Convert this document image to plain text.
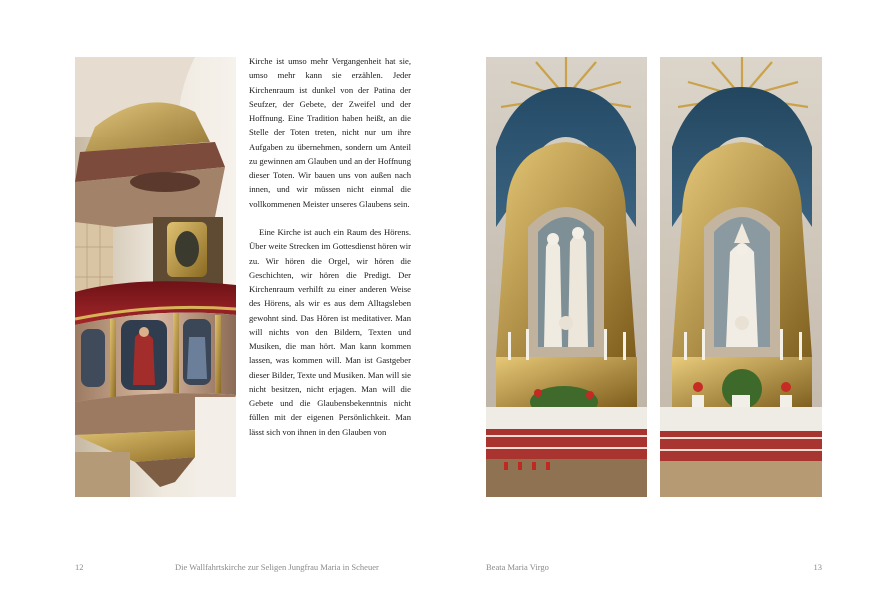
Kirche ist umso mehr Vergangenheit hat sie, umso mehr kann sie erzählen. Jeder Kirchenraum ist dunkel von der Patina der Seufzer, der Gebete, der Zweifel und der Hoffnung. Eine Tradition haben heißt, an die Stelle der Toten treten, nicht nur um ihre Aufgaben zu übernehmen, sondern um Anteil zu gewinnen am Glauben und an der Hoffnung dieser Toten. Wir bauen uns von außen nach innen, und wir müssen nicht einmal die vollkommenen Meister unseres Glaubens sein.

Eine Kirche ist auch ein Raum des Hörens. Über weite Strecken im Gottesdienst hören wir zu. Wir hören die Orgel, wir hören die Geschichten, wir hören die Predigt. Der Kirchenraum verhilft zu einer anderen Weise des Hörens, als wir es aus dem Alltagsleben gewohnt sind. Das Hören ist meditativer. Man will nichts von den Bildern, Texten und Musiken, die man hört. Man kann kommen lassen, was kommen will. Man ist Gastgeber dieser Bilder, Texte und Musiken. Man will sie nicht besitzen, nicht erjagen. Man will die Gebete und die Glaubensbekenntnis nicht füllen mit der eigenen Persönlichkeit. Man lässt sich von ihnen in den Glauben von

12	Die Wallfahrtskirche zur Seligen Jungfrau Maria in Scheuer	Beata Maria Virgo	13
